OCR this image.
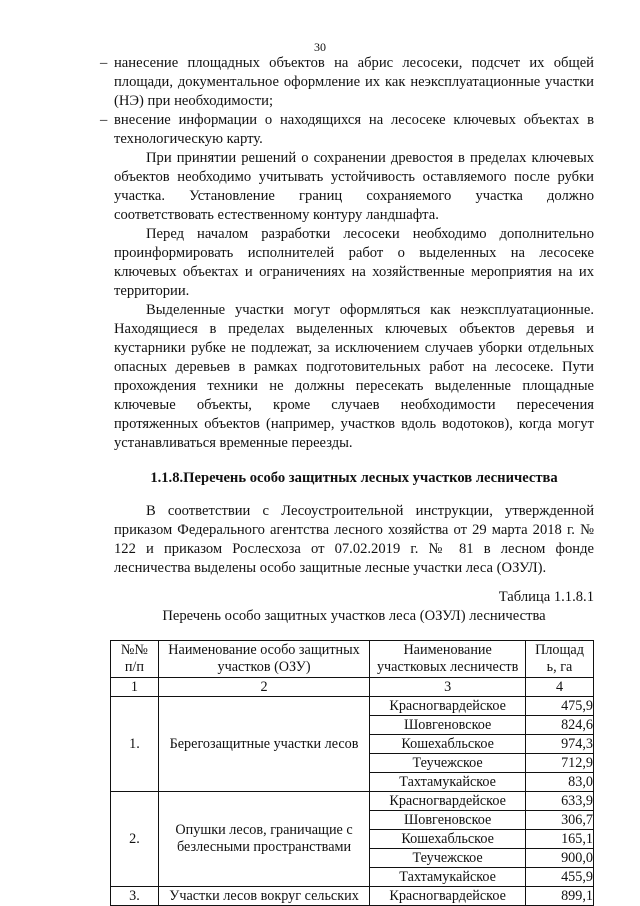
30

– нанесение площадных объектов на абрис лесосеки, подсчет их общей площади, документальное оформление их как неэксплуатационные участки (НЭ) при необходимости;

– внесение информации о находящихся на лесосеке ключевых объектах в технологическую карту.

При принятии решений о сохранении древостоя в пределах ключевых объектов необходимо учитывать устойчивость оставляемого после рубки участка. Установление границ сохраняемого участка должно соответствовать естественному контуру ландшафта.

Перед началом разработки лесосеки необходимо дополнительно проинформировать исполнителей работ о выделенных на лесосеке ключевых объектах и ограничениях на хозяйственные мероприятия на их территории.

Выделенные участки могут оформляться как неэксплуатационные. Находящиеся в пределах выделенных ключевых объектов деревья и кустарники рубке не подлежат, за исключением случаев уборки отдельных опасных деревьев в рамках подготовительных работ на лесосеке. Пути прохождения техники не должны пересекать выделенные площадные ключевые объекты, кроме случаев необходимости пересечения протяженных объектов (например, участков вдоль водотоков), когда могут устанавливаться временные переезды.

1.1.8.Перечень особо защитных лесных участков лесничества

В соответствии с Лесоустроительной инструкции, утвержденной приказом Федерального агентства лесного хозяйства от 29 марта 2018 г. № 122 и приказом Рослесхоза от 07.02.2019 г. № 81 в лесном фонде лесничества выделены особо защитные лесные участки леса (ОЗУЛ).

Таблица 1.1.8.1
Перечень особо защитных участков леса (ОЗУЛ) лесничества
№№ п/п	Наименование особо защитных участков (ОЗУ)	Наименование участковых лесничеств	Площад ь, га
1	2	3	4
1.	Берегозащитные участки лесов	Красногвардейское	475,9
		Шовгеновское	824,6
		Кошехабльское	974,3
		Теучежское	712,9
		Тахтамукайское	83,0
2.	Опушки лесов, граничащие с безлесными пространствами	Красногвардейское	633,9
		Шовгеновское	306,7
		Кошехабльское	165,1
		Теучежское	900,0
		Тахтамукайское	455,9
3.	Участки лесов вокруг сельских	Красногвардейское	899,1
